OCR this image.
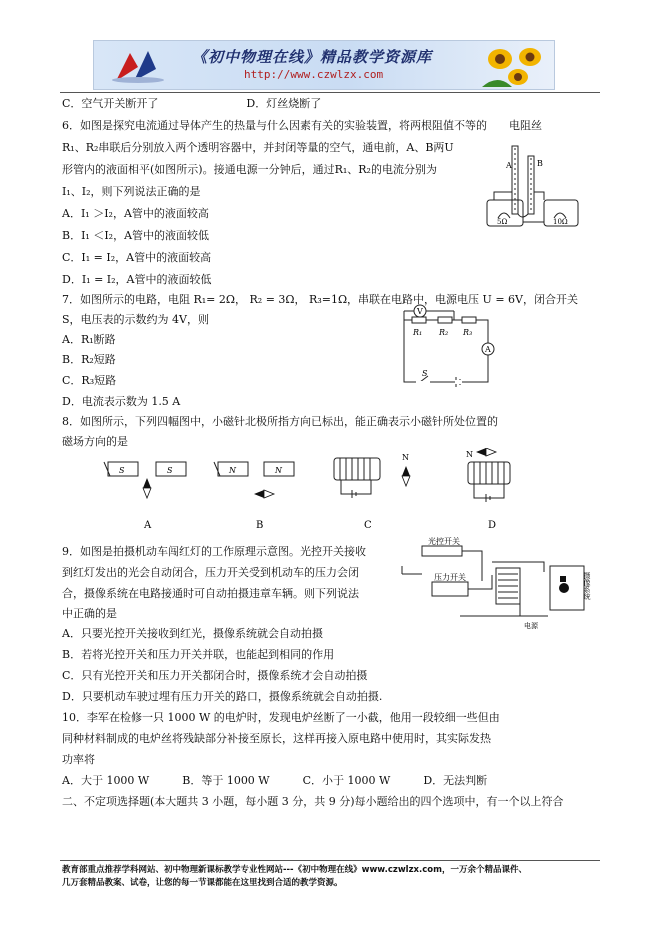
《初中物理在线》精品教学资源库
http://www.czwlzx.com
C．空气开关断开了　　　　　　　　D．灯丝烧断了
6．如图是探究电流通过导体产生的热量与什么因素有关的实验装置，将两根阻值不等的　　电阻丝
R₁、R₂串联后分别放入两个透明容器中，并封闭等量的空气，通电前，A、B两U
形管内的液面相平(如图所示)。接通电源一分钟后，通过R₁、R₂的电流分别为
I₁、I₂，则下列说法正确的是
A．I₁ ＞I₂，A管中的液面较高
B．I₁ ＜I₂，A管中的液面较低
C．I₁ = I₂，A管中的液面较高
D．I₁ = I₂，A管中的液面较低
7．如图所示的电路，电阻 R₁= 2Ω， R₂ = 3Ω， R₃=1Ω，串联在电路中，电源电压 U = 6V，闭合开关
S，电压表的示数约为 4V，则
A．R₁断路
B．R₂短路
C．R₃短路
D．电流表示数为 1.5 A
8．如图所示，下列四幅图中，小磁针北极所指方向已标出，能正确表示小磁针所处位置的
磁场方向的是
9．如图是拍摄机动车闯红灯的工作原理示意图。光控开关接收
到红灯发出的光会自动闭合，压力开关受到机动车的压力会闭
合，摄像系统在电路接通时可自动拍摄违章车辆。则下列说法
中正确的是
A．只要光控开关接收到红光，摄像系统就会自动拍摄
B．若将光控开关和压力开关并联，也能起到相同的作用
C．只有光控开关和压力开关都闭合时，摄像系统才会自动拍摄
D．只要机动车驶过埋有压力开关的路口，摄像系统就会自动拍摄.
10．李军在检修一只 1000 W 的电炉时，发现电炉丝断了一小截，他用一段较细一些但由
同种材料制成的电炉丝将残缺部分补接至原长，这样再接入原电路中使用时，其实际发热
功率将
A．大于 1000 W　　　B．等于 1000 W　　　C．小于 1000 W　　　D．无法判断
二、不定项选择题(本大题共 3 小题，每小题 3 分，共 9 分)每小题给出的四个选项中，有一个以上符合
A	B
5Ω	10Ω
V
A
R₁ R₂ R₃
S
S	S	N	N
N	N
A	B	C	D
光控开关
压力开关	摄像系统
电源
教育部重点推荐学科网站、初中物理新课标教学专业性网站---《初中物理在线》www.czwlzx.com，一万余个精品课件、
几万套精品教案、试卷，让您的每一节课都能在这里找到合适的教学资源。
